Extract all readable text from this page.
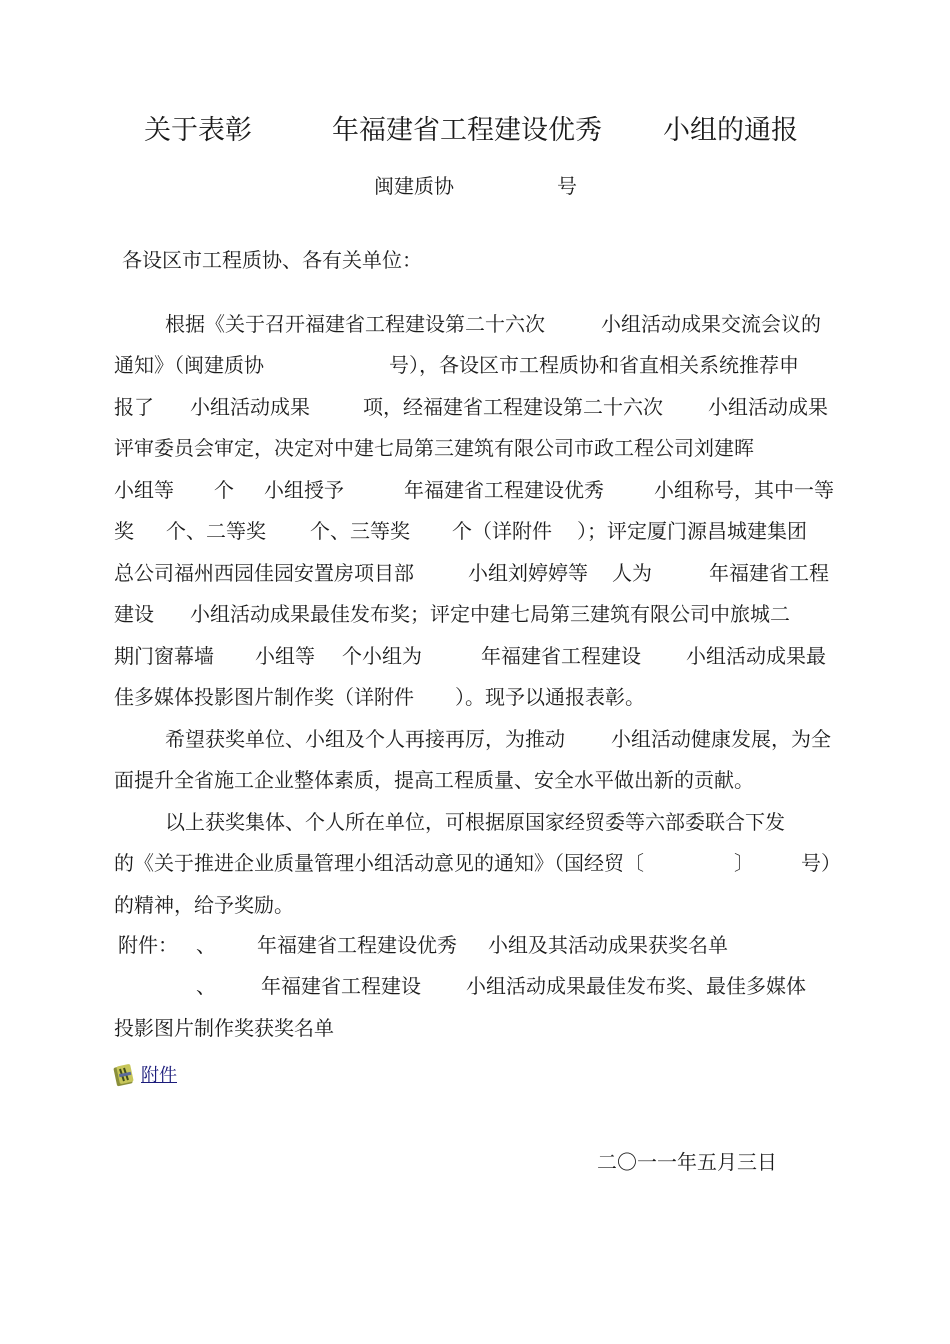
关于表彰	年福建省工程建设优秀 小组的通报
闽建质协	号
各设区市工程质协、各有关单位：
根据《关于召开福建省工程建设第二十六次	小组活动成果交流会议的
通知》（闽建质协	号），各设区市工程质协和省直相关系统推荐申
报了 小组活动成果	项，经福建省工程建设第二十六次 小组活动成果
评审委员会审定，决定对中建七局第三建筑有限公司市政工程公司刘建晖
小组等 个 小组授予	年福建省工程建设优秀	小组称号，其中一等
奖 个、二等奖 个、三等奖 个（详附件 ）；评定厦门源昌城建集团
总公司福州西园佳园安置房项目部	小组刘婷婷等 人为	年福建省工程
建设 小组活动成果最佳发布奖；评定中建七局第三建筑有限公司中旅城二
期门窗幕墙 小组等 个小组为	年福建省工程建设 小组活动成果最
佳多媒体投影图片制作奖（详附件 ）。现予以通报表彰。
希望获奖单位、小组及个人再接再厉，为推动 小组活动健康发展，为全
面提升全省施工企业整体素质，提高工程质量、安全水平做出新的贡献。
以上获奖集体、个人所在单位，可根据原国家经贸委等六部委联合下发
的《关于推进企业质量管理小组活动意见的通知》（国经贸〔	〕 号）
的精神，给予奖励。
附件： 、 年福建省工程建设优秀 小组及其活动成果获奖名单
、 年福建省工程建设 小组活动成果最佳发布奖、最佳多媒体
投影图片制作奖获奖名单
附件
二〇一一年五月三日
